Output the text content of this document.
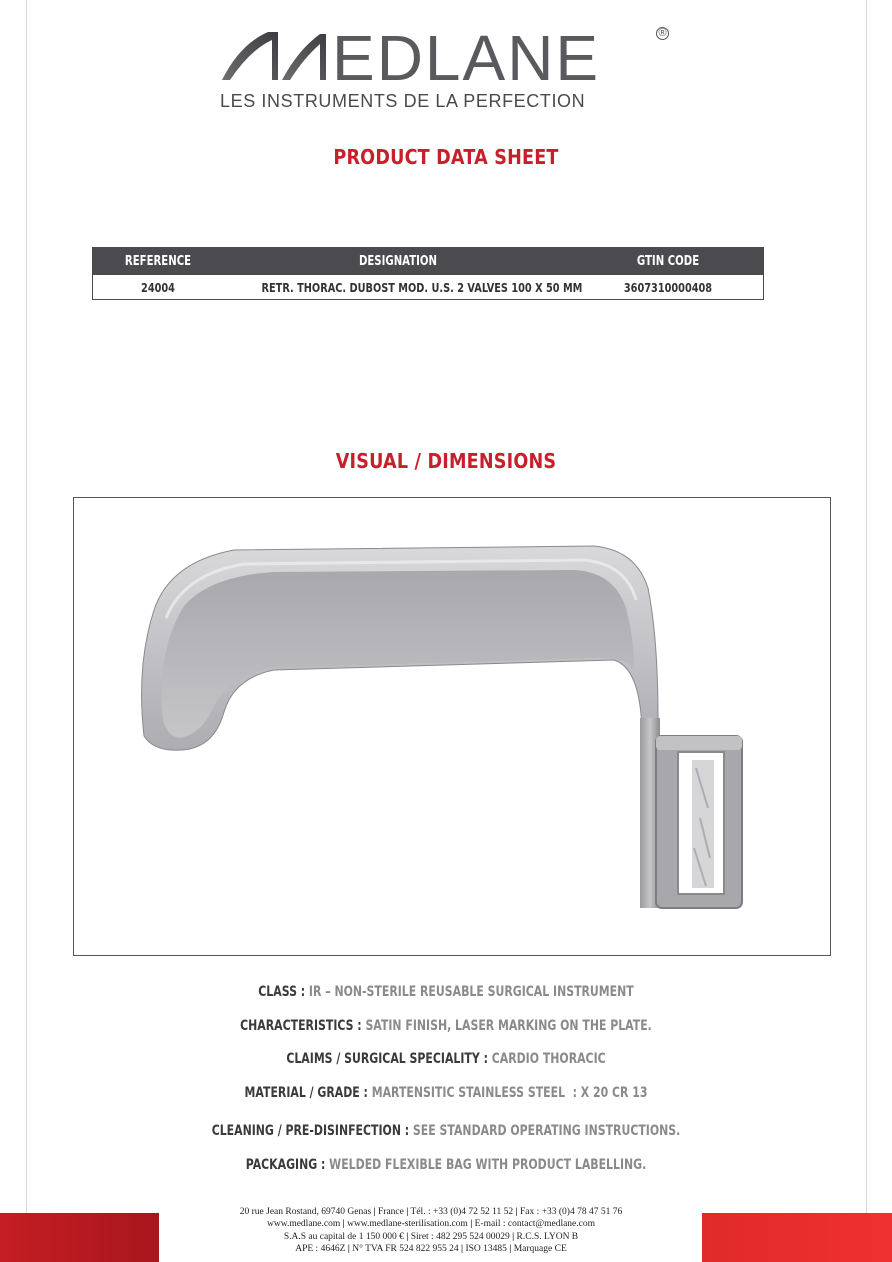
EDLANE	®
LES INSTRUMENTS DE LA PERFECTION
PRODUCT DATA SHEET
REFERENCE	DESIGNATION	GTIN CODE
24004	RETR. THORAC. DUBOST MOD. U.S. 2 VALVES 100 X 50 MM	3607310000408
VISUAL / DIMENSIONS
CLASS : IR – NON-STERILE REUSABLE SURGICAL INSTRUMENT
CHARACTERISTICS : SATIN FINISH, LASER MARKING ON THE PLATE.
CLAIMS / SURGICAL SPECIALITY : CARDIO THORACIC
MATERIAL / GRADE : MARTENSITIC STAINLESS STEEL  : X 20 CR 13
CLEANING / PRE-DISINFECTION : SEE STANDARD OPERATING INSTRUCTIONS.
PACKAGING : WELDED FLEXIBLE BAG WITH PRODUCT LABELLING.
20 rue Jean Rostand, 69740 Genas | France | Tél. : +33 (0)4 72 52 11 52 | Fax : +33 (0)4 78 47 51 76
www.medlane.com | www.medlane-sterilisation.com | E-mail : contact@medlane.com
S.A.S au capital de 1 150 000 € | Siret : 482 295 524 00029 | R.C.S. LYON B
APE : 4646Z | N° TVA FR 524 822 955 24 | ISO 13485 | Marquage CE
